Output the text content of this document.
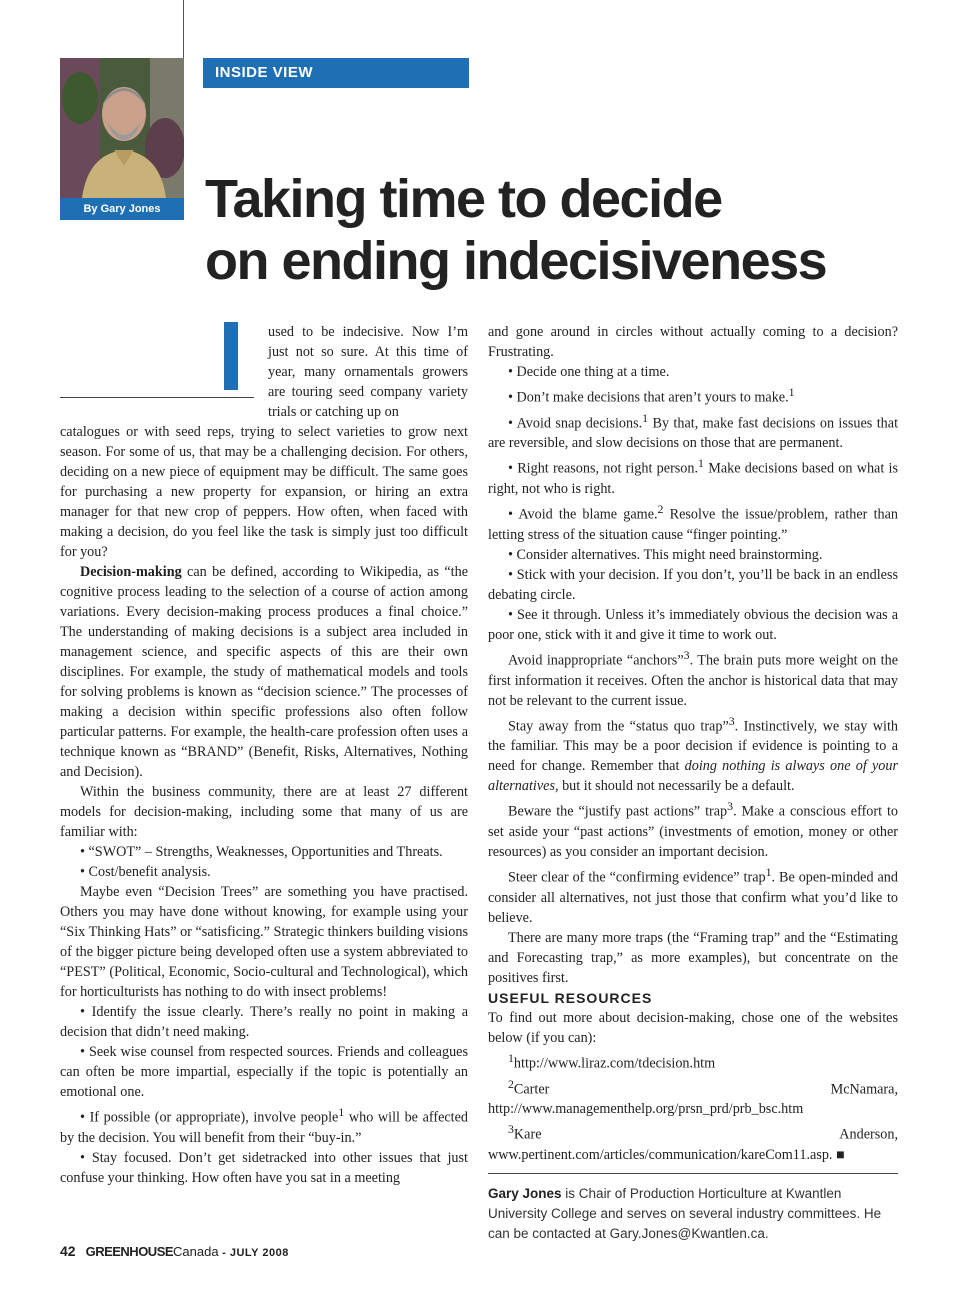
By Gary Jones
INSIDE VIEW
Taking time to decide
on ending indecisiveness

used to be indecisive. Now I’m just not so sure. At this time of year, many ornamentals growers are touring seed company variety trials or catching up on

catalogues or with seed reps, trying to select varieties to grow next season. For some of us, that may be a challenging decision. For others, deciding on a new piece of equipment may be difficult. The same goes for purchasing a new property for expansion, or hiring an extra manager for that new crop of peppers. How often, when faced with making a decision, do you feel like the task is simply just too difficult for you?

Decision-making can be defined, according to Wikipedia, as “the cognitive process leading to the selection of a course of action among variations. Every decision-making process produces a final choice.” The understanding of making decisions is a subject area included in management science, and specific aspects of this are their own disciplines. For example, the study of mathematical models and tools for solving problems is known as “decision science.” The processes of making a decision within specific professions also often follow particular patterns. For example, the health-care profession often uses a technique known as “BRAND” (Benefit, Risks, Alternatives, Nothing and Decision).

Within the business community, there are at least 27 different models for decision-making, including some that many of us are familiar with:

• “SWOT” – Strengths, Weaknesses, Opportunities and Threats.

• Cost/benefit analysis.

Maybe even “Decision Trees” are something you have practised. Others you may have done without knowing, for example using your “Six Thinking Hats” or “satisficing.” Strategic thinkers building visions of the bigger picture being developed often use a system abbreviated to “PEST” (Political, Economic, Socio-cultural and Technological), which for horticulturists has nothing to do with insect problems!

• Identify the issue clearly. There’s really no point in making a decision that didn’t need making.

• Seek wise counsel from respected sources. Friends and colleagues can often be more impartial, especially if the topic is potentially an emotional one.

• If possible (or appropriate), involve people$^1$ who will be affected by the decision. You will benefit from their “buy-in.”

• Stay focused. Don’t get sidetracked into other issues that just confuse your thinking. How often have you sat in a meeting

and gone around in circles without actually coming to a decision? Frustrating.

• Decide one thing at a time.

• Don’t make decisions that aren’t yours to make.$^1$

• Avoid snap decisions.$^1$ By that, make fast decisions on issues that are reversible, and slow decisions on those that are permanent.

• Right reasons, not right person.$^1$ Make decisions based on what is right, not who is right.

• Avoid the blame game.$^2$ Resolve the issue/problem, rather than letting stress of the situation cause “finger pointing.”

• Consider alternatives. This might need brainstorming.

• Stick with your decision. If you don’t, you’ll be back in an endless debating circle.

• See it through. Unless it’s immediately obvious the decision was a poor one, stick with it and give it time to work out.

Avoid inappropriate “anchors”$^3$. The brain puts more weight on the first information it receives. Often the anchor is historical data that may not be relevant to the current issue.

Stay away from the “status quo trap”$^3$. Instinctively, we stay with the familiar. This may be a poor decision if evidence is pointing to a need for change. Remember that doing nothing is always one of your alternatives, but it should not necessarily be a default.

Beware the “justify past actions” trap$^3$. Make a conscious effort to set aside your “past actions” (investments of emotion, money or other resources) as you consider an important decision.

Steer clear of the “confirming evidence” trap$^1$. Be open-minded and consider all alternatives, not just those that confirm what you’d like to believe.

There are many more traps (the “Framing trap” and the “Estimating and Forecasting trap,” as more examples), but concentrate on the positives first.

USEFUL RESOURCES

To find out more about decision-making, chose one of the websites below (if you can):

$^1$http://www.liraz.com/tdecision.htm

$^2$Carter McNamara, http://www.managementhelp.org/prsn_prd/prb_bsc.htm

$^3$Kare Anderson, www.pertinent.com/articles/communication/kareCom11.asp. ■

Gary Jones is Chair of Production Horticulture at Kwantlen University College and serves on several industry committees. He can be contacted at Gary.Jones@Kwantlen.ca.

42 GREENHOUSECanada - JULY 2008
